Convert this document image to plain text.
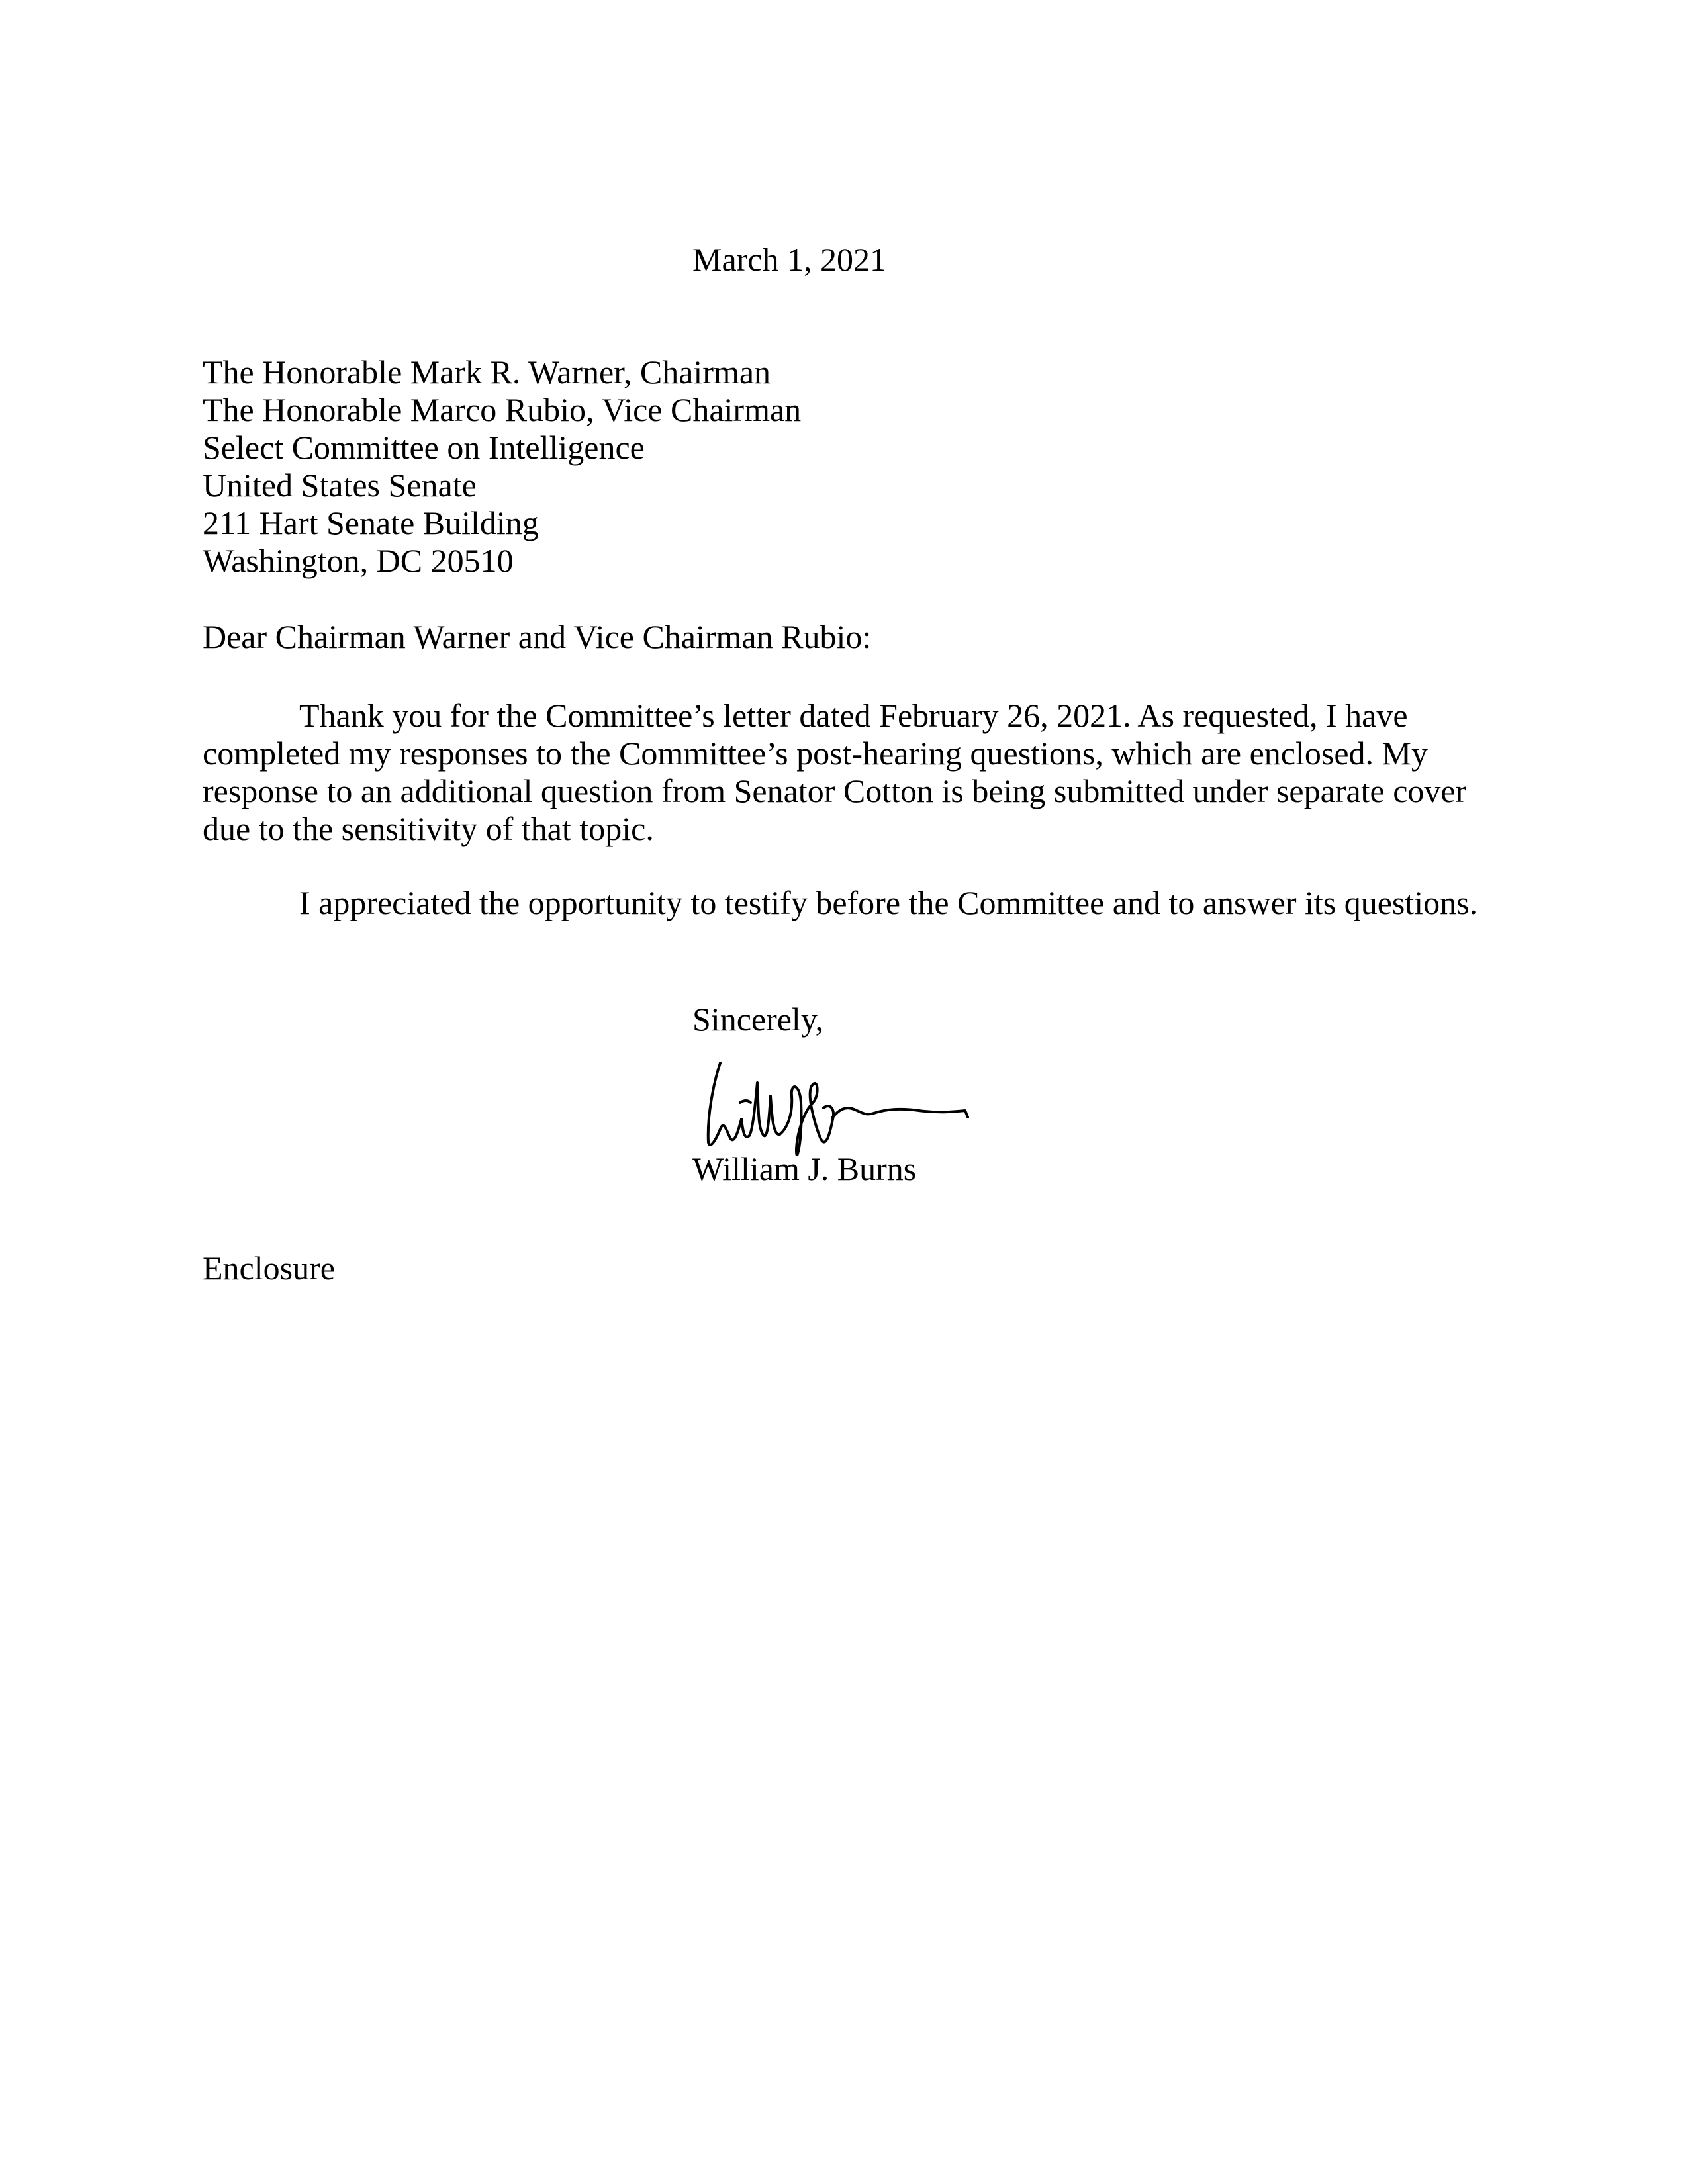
March 1, 2021
The Honorable Mark R. Warner, Chairman
The Honorable Marco Rubio, Vice Chairman
Select Committee on Intelligence
United States Senate
211 Hart Senate Building
Washington, DC 20510
Dear Chairman Warner and Vice Chairman Rubio:
Thank you for the Committee’s letter dated February 26, 2021. As requested, I have
completed my responses to the Committee’s post-hearing questions, which are enclosed. My
response to an additional question from Senator Cotton is being submitted under separate cover
due to the sensitivity of that topic.
I appreciated the opportunity to testify before the Committee and to answer its questions.
Sincerely,
William J. Burns
Enclosure
